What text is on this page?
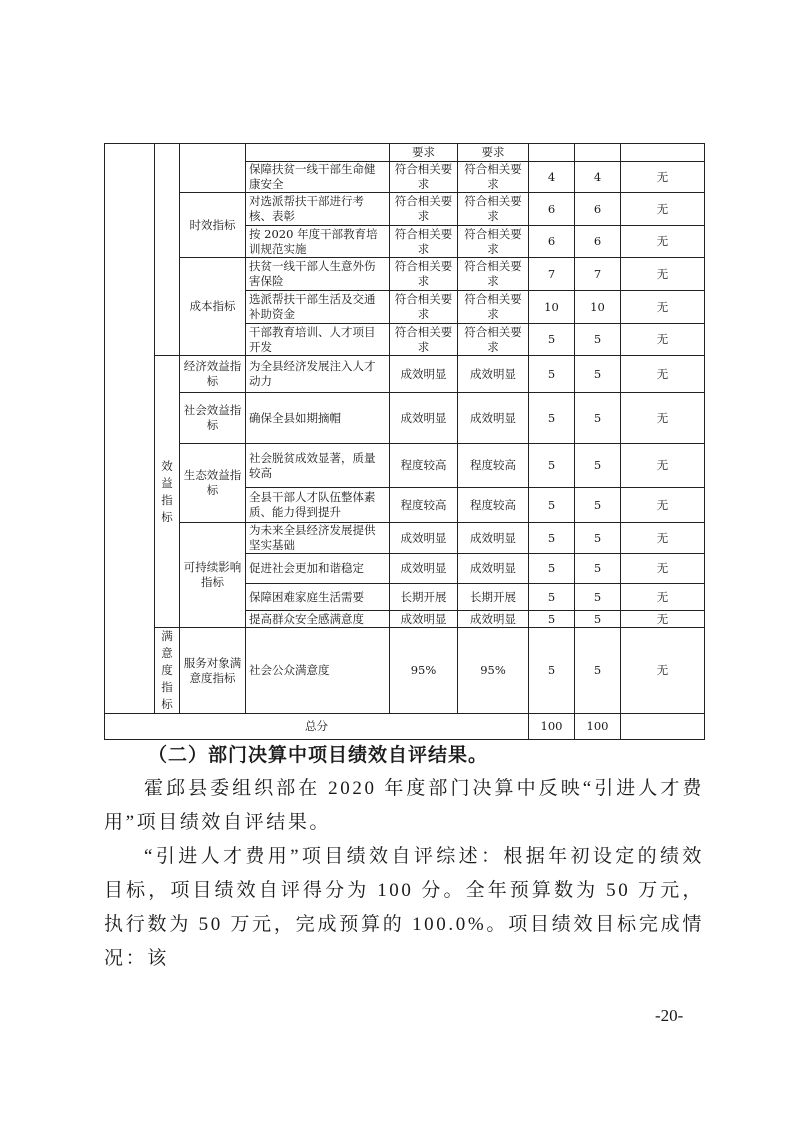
				要求	要求			
			保障扶贫一线干部生命健康安全	符合相关要求	符合相关要求	4	4	无
		时效指标	对选派帮扶干部进行考核、表彰	符合相关要求	符合相关要求	6	6	无
			按 2020 年度干部教育培训规范实施	符合相关要求	符合相关要求	6	6	无
		成本指标	扶贫一线干部人生意外伤害保险	符合相关要求	符合相关要求	7	7	无
			选派帮扶干部生活及交通补助资金	符合相关要求	符合相关要求	10	10	无
			干部教育培训、人才项目开发	符合相关要求	符合相关要求	5	5	无

	效益指标	经济效益指标	为全县经济发展注入人才动力	成效明显	成效明显	5	5	无
		社会效益指标	确保全县如期摘帽	成效明显	成效明显	5	5	无
		生态效益指标	社会脱贫成效显著，质量较高	程度较高	程度较高	5	5	无
			全县干部人才队伍整体素质、能力得到提升	程度较高	程度较高	5	5	无
		可持续影响指标	为未来全县经济发展提供坚实基础	成效明显	成效明显	5	5	无
			促进社会更加和谐稳定	成效明显	成效明显	5	5	无
			保障困难家庭生活需要	长期开展	长期开展	5	5	无
			提高群众安全感满意度	成效明显	成效明显	5	5	无

	满意度指标	服务对象满意度指标	社会公众满意度	95%	95%	5	5	无
总分						100	100	
（二）部门决算中项目绩效自评结果。
霍邱县委组织部在 2020 年度部门决算中反映“引进人才费用”项目绩效自评结果。
“引进人才费用”项目绩效自评综述：根据年初设定的绩效目标，项目绩效自评得分为 100 分。全年预算数为 50 万元，执行数为 50 万元，完成预算的 100.0%。项目绩效目标完成情况：该
-20-
